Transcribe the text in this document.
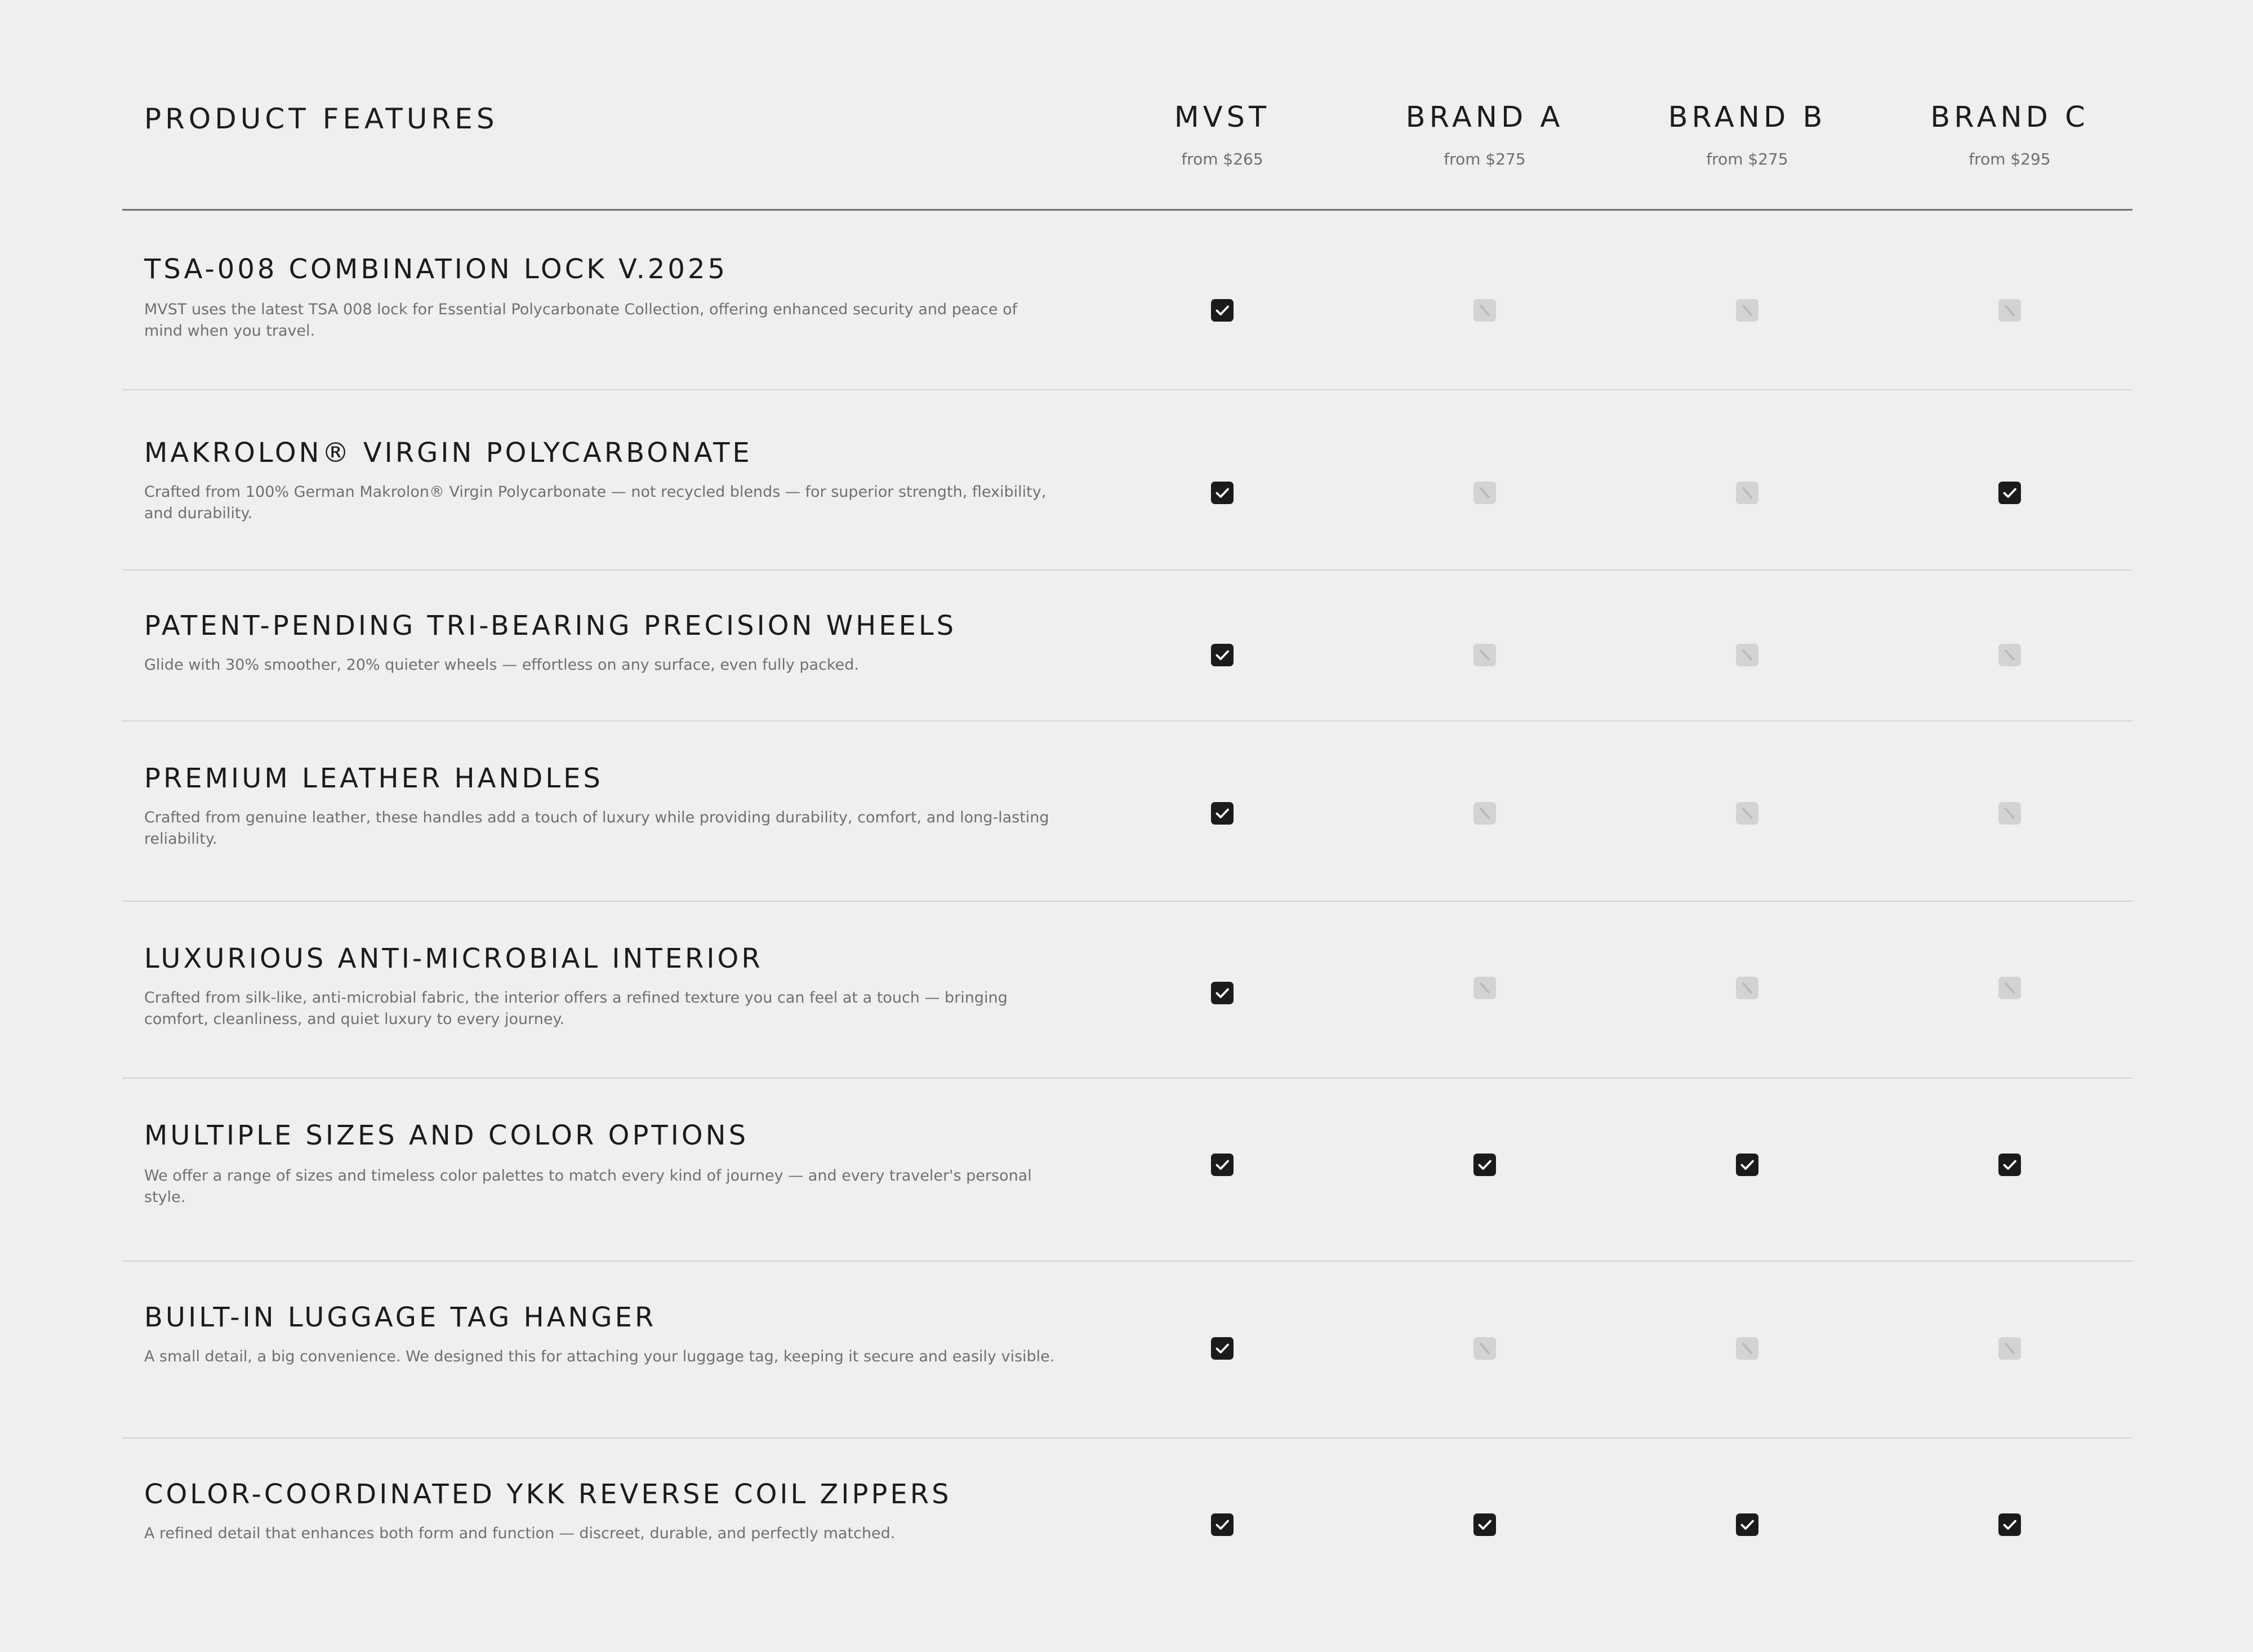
PRODUCT FEATURES	MVST
from $265
BRAND A
from $275
BRAND B
from $275
BRAND C
from $295
TSA-008 COMBINATION LOCK V.2025
MVST uses the latest TSA 008 lock for Essential Polycarbonate Collection, offering enhanced security and peace of mind when you travel.
MAKROLON® VIRGIN POLYCARBONATE
Crafted from 100% German Makrolon® Virgin Polycarbonate — not recycled blends — for superior strength, flexibility, and durability.
PATENT-PENDING TRI-BEARING PRECISION WHEELS
Glide with 30% smoother, 20% quieter wheels — effortless on any surface, even fully packed.
PREMIUM LEATHER HANDLES
Crafted from genuine leather, these handles add a touch of luxury while providing durability, comfort, and long-lasting reliability.
LUXURIOUS ANTI-MICROBIAL INTERIOR
Crafted from silk-like, anti-microbial fabric, the interior offers a refined texture you can feel at a touch — bringing comfort, cleanliness, and quiet luxury to every journey.
MULTIPLE SIZES AND COLOR OPTIONS
We offer a range of sizes and timeless color palettes to match every kind of journey — and every traveler's personal style.
BUILT-IN LUGGAGE TAG HANGER
A small detail, a big convenience. We designed this for attaching your luggage tag, keeping it secure and easily visible.
COLOR-COORDINATED YKK REVERSE COIL ZIPPERS
A refined detail that enhances both form and function — discreet, durable, and perfectly matched.
